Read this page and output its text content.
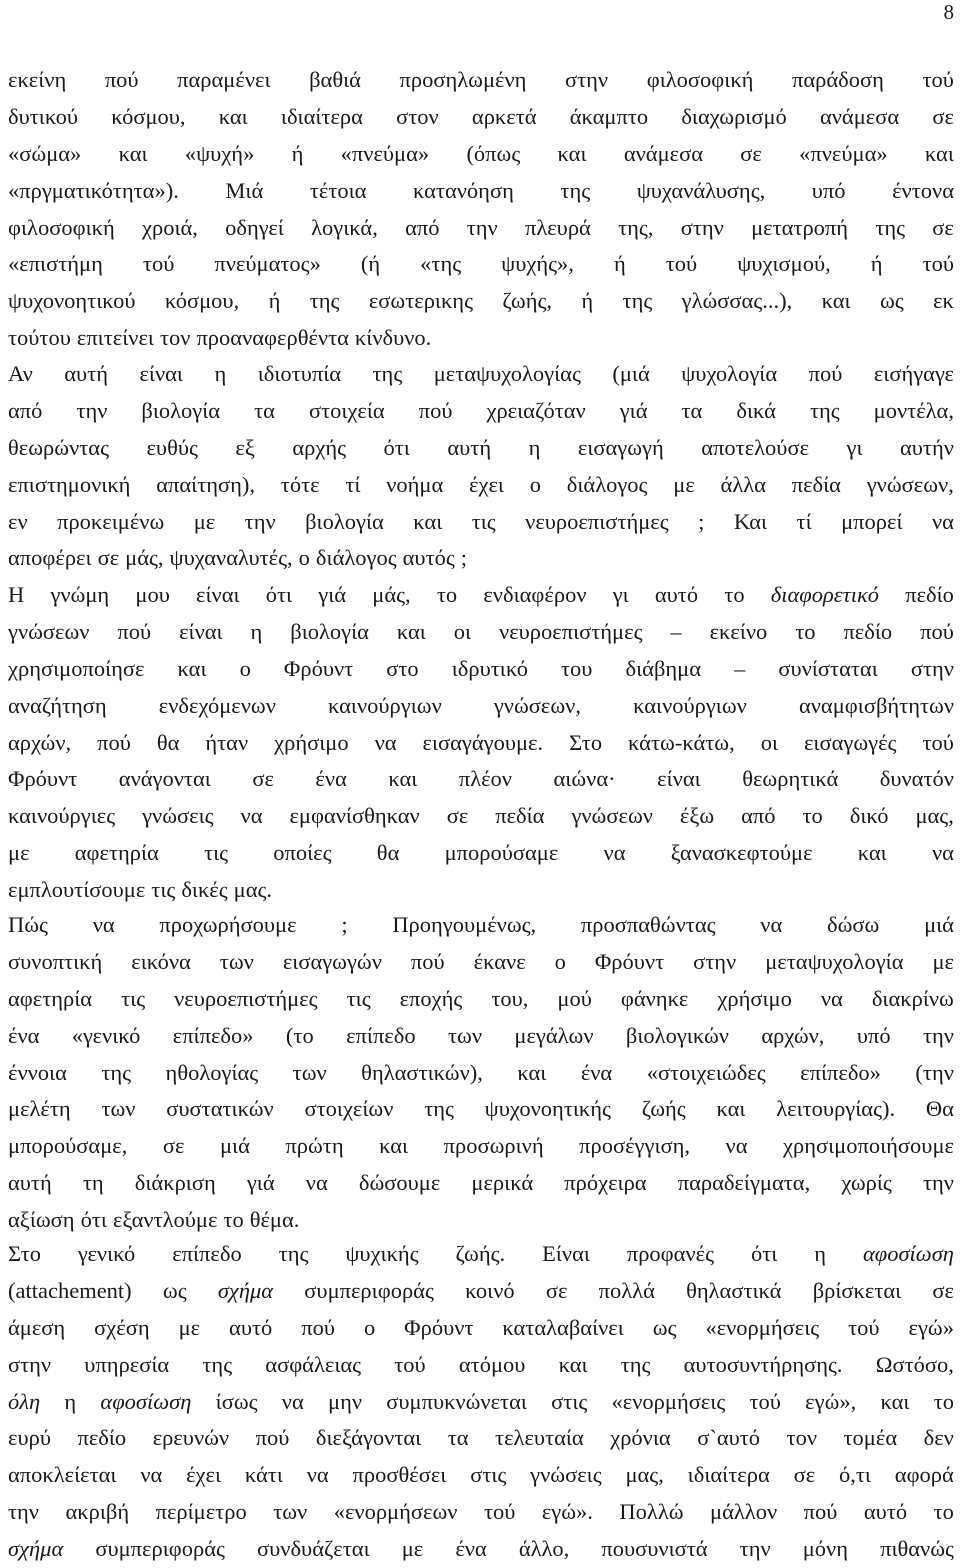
8
εκείνη πού παραμένει βαθιά προσηλωμένη στην φιλοσοφική παράδοση τού
δυτικού κόσμου, και ιδιαίτερα στον αρκετά άκαμπτο διαχωρισμό ανάμεσα σε
«σώμα» και «ψυχή» ή «πνεύμα» (όπως και ανάμεσα σε «πνεύμα» και
«πργματικότητα»). Μιά τέτοια κατανόηση της ψυχανάλυσης, υπό έντονα
φιλοσοφική χροιά, οδηγεί λογικά, από την πλευρά της, στην μετατροπή της σε
«επιστήμη τού πνεύματος» (ή «της ψυχής», ή τού ψυχισμού, ή τού
ψυχονοητικού κόσμου, ή της εσωτερικης ζωής, ή της γλώσσας...), και ως εκ
τούτου επιτείνει τον προαναφερθέντα κίνδυνο.
Αν αυτή είναι η ιδιοτυπία της μεταψυχολογίας (μιά ψυχολογία πού εισήγαγε
από την βιολογία τα στοιχεία πού χρειαζόταν γιά τα δικά της μοντέλα,
θεωρώντας ευθύς εξ αρχής ότι αυτή η εισαγωγή αποτελούσε γι αυτήν
επιστημονική απαίτηση), τότε τί νοήμα έχει ο διάλογος με άλλα πεδία γνώσεων,
εν προκειμένω με την βιολογία και τις νευροεπιστήμες ; Και τί μπορεί να
αποφέρει σε μάς, ψυχαναλυτές, ο διάλογος αυτός ;
Η γνώμη μου είναι ότι γιά μάς, το ενδιαφέρον γι αυτό το διαφορετικό πεδίο
γνώσεων πού είναι η βιολογία και οι νευροεπιστήμες – εκείνο το πεδίο πού
χρησιμοποίησε και ο Φρόυντ στο ιδρυτικό του διάβημα – συνίσταται στην
αναζήτηση ενδεχόμενων καινούργιων γνώσεων, καινούργιων αναμφισβήτητων
αρχών, πού θα ήταν χρήσιμο να εισαγάγουμε. Στο κάτω-κάτω, οι εισαγωγές τού
Φρόυντ ανάγονται σε ένα και πλέον αιώνα· είναι θεωρητικά δυνατόν
καινούργιες γνώσεις να εμφανίσθηκαν σε πεδία γνώσεων έξω από το δικό μας,
με αφετηρία τις οποίες θα μπορούσαμε να ξανασκεφτούμε και να
εμπλουτίσουμε τις δικές μας.
Πώς να προχωρήσουμε ; Προηγουμένως, προσπαθώντας να δώσω μιά
συνοπτική εικόνα των εισαγωγών πού έκανε ο Φρόυντ στην μεταψυχολογία με
αφετηρία τις νευροεπιστήμες τις εποχής του, μού φάνηκε χρήσιμο να διακρίνω
ένα «γενικό επίπεδο» (το επίπεδο των μεγάλων βιολογικών αρχών, υπό την
έννοια της ηθολογίας των θηλαστικών), και ένα «στοιχειώδες επίπεδο» (την
μελέτη των συστατικών στοιχείων της ψυχονοητικής ζωής και λειτουργίας). Θα
μπορούσαμε, σε μιά πρώτη και προσωρινή προσέγγιση, να χρησιμοποιήσουμε
αυτή τη διάκριση γιά να δώσουμε μερικά πρόχειρα παραδείγματα, χωρίς την
αξίωση ότι εξαντλούμε το θέμα.
Στο γενικό επίπεδο της ψυχικής ζωής. Είναι προφανές ότι η αφοσίωση
(attachement) ως σχήμα συμπεριφοράς κοινό σε πολλά θηλαστικά βρίσκεται σε
άμεση σχέση με αυτό πού ο Φρόυντ καταλαβαίνει ως «ενορμήσεις τού εγώ»
στην υπηρεσία της ασφάλειας τού ατόμου και της αυτοσυντήρησης. Ωστόσο,
όλη η αφοσίωση ίσως να μην συμπυκνώνεται στις «ενορμήσεις τού εγώ», και το
ευρύ πεδίο ερευνών πού διεξάγονται τα τελευταία χρόνια σ`αυτό τον τομέα δεν
αποκλείεται να έχει κάτι να προσθέσει στις γνώσεις μας, ιδιαίτερα σε ό,τι αφορά
την ακριβή περίμετρο των «ενορμήσεων τού εγώ». Πολλώ μάλλον πού αυτό το
σχήμα συμπεριφοράς συνδυάζεται με ένα άλλο, πουσυνιστά την μόνη πιθανώς
